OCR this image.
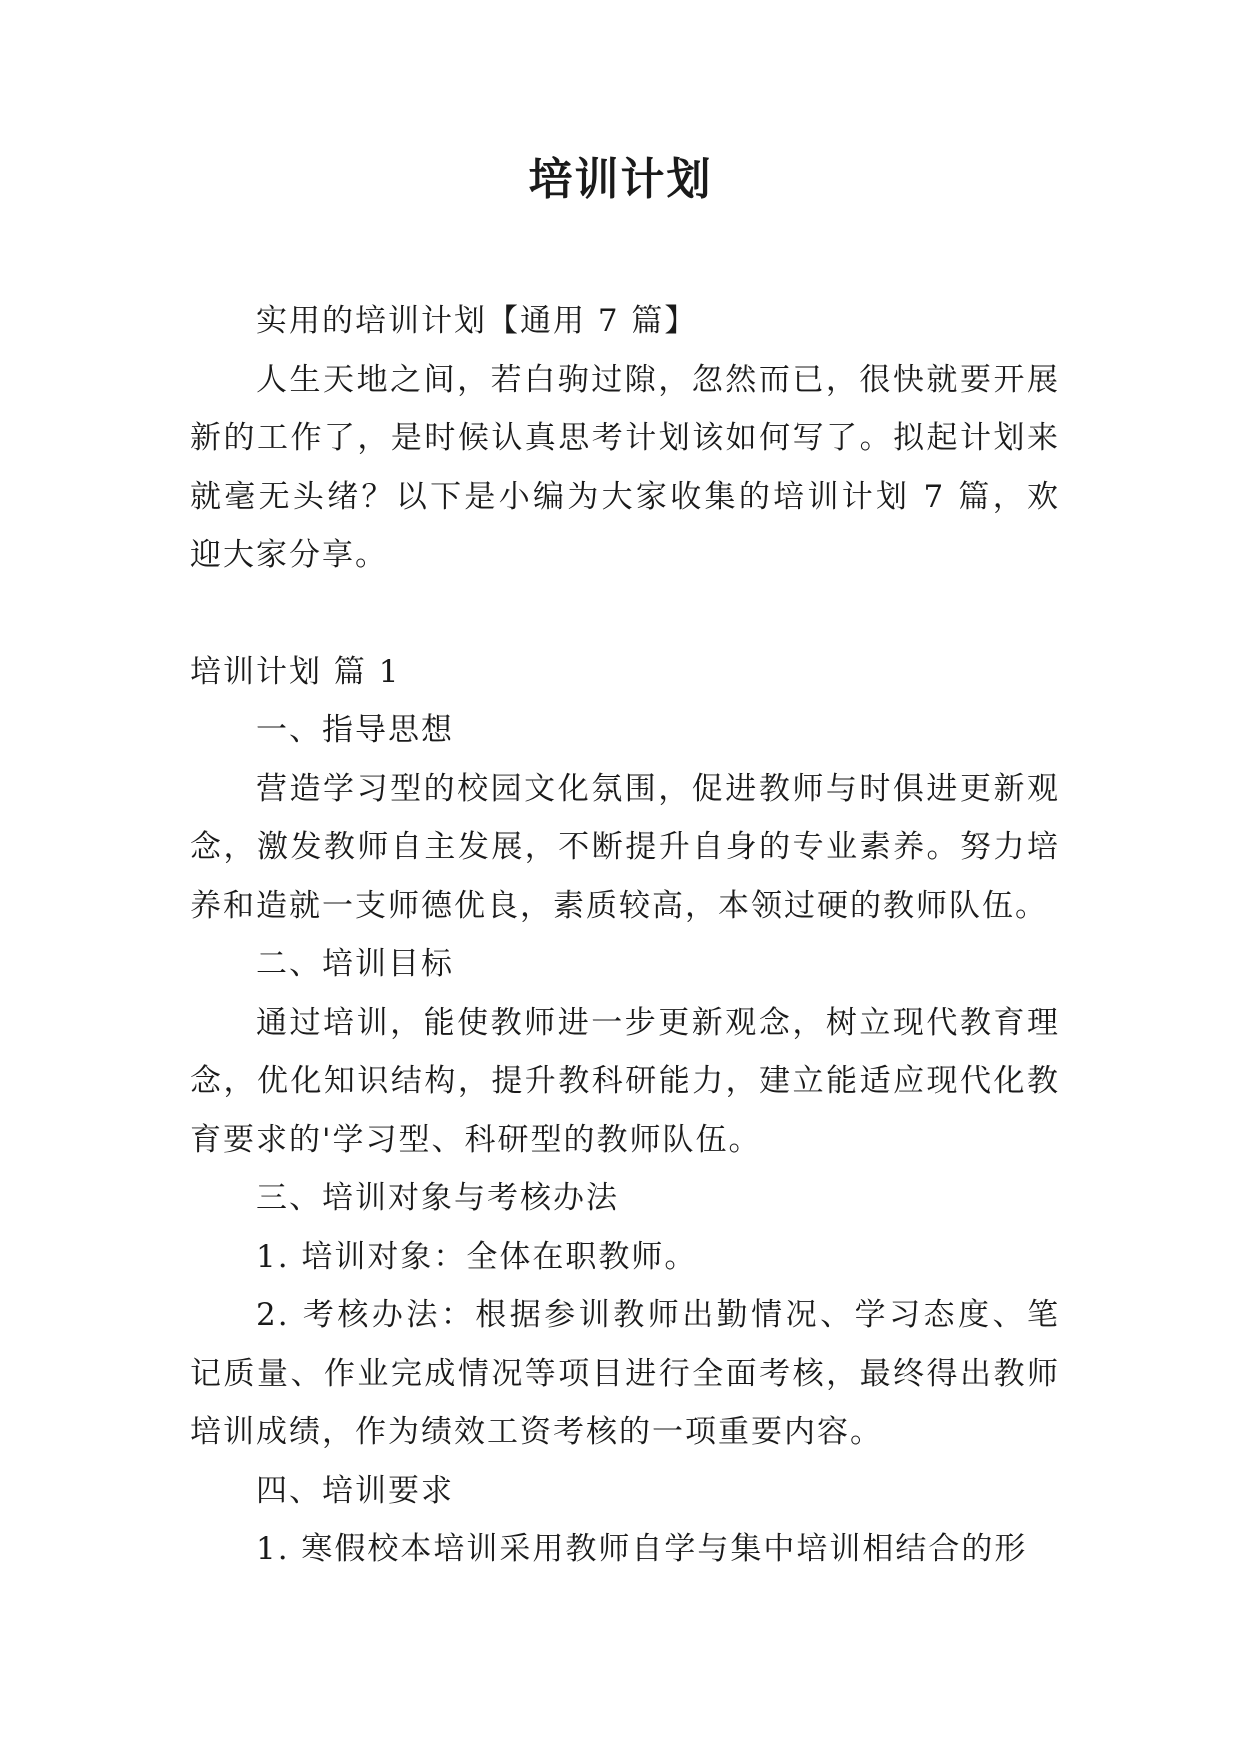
培训计划

实用的培训计划【通用 7 篇】

人生天地之间，若白驹过隙，忽然而已，很快就要开展新的工作了，是时候认真思考计划该如何写了。拟起计划来就毫无头绪？以下是小编为大家收集的培训计划 7 篇，欢迎大家分享。

培训计划 篇 1

一、指导思想

营造学习型的校园文化氛围，促进教师与时俱进更新观念，激发教师自主发展，不断提升自身的专业素养。努力培养和造就一支师德优良，素质较高，本领过硬的教师队伍。

二、培训目标

通过培训，能使教师进一步更新观念，树立现代教育理念，优化知识结构，提升教科研能力，建立能适应现代化教育要求的'学习型、科研型的教师队伍。

三、培训对象与考核办法

1. 培训对象：全体在职教师。

2. 考核办法：根据参训教师出勤情况、学习态度、笔记质量、作业完成情况等项目进行全面考核，最终得出教师培训成绩，作为绩效工资考核的一项重要内容。

四、培训要求

1. 寒假校本培训采用教师自学与集中培训相结合的形
